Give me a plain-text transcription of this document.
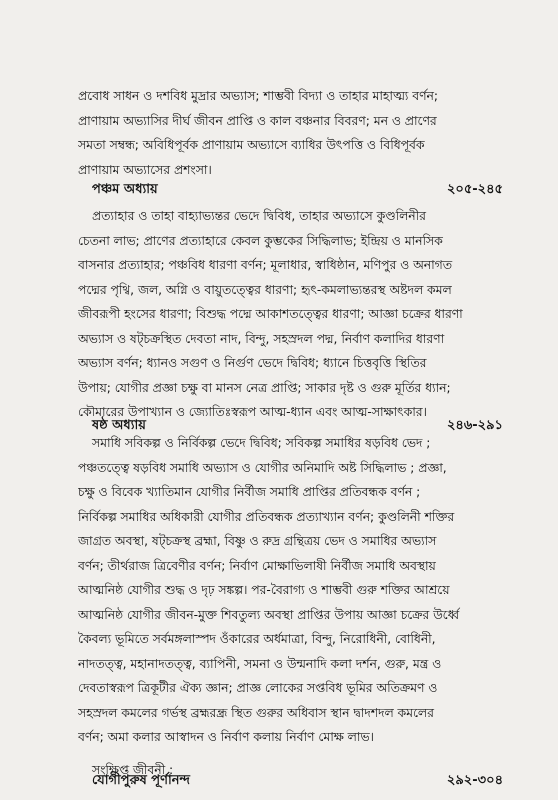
প্রবোধ সাধন ও দশবিধ মুদ্রার অভ্যাস; শাম্ভবী বিদ্যা ও তাহার মাহাত্ম্য বর্ণন;
প্রাণায়াম অভ্যাসির দীর্ঘ জীবন প্রাপ্তি ও কাল বঞ্চনার বিবরণ; মন ও প্রাণের
সমতা সম্বন্ধ; অবিধিপূর্বক প্রাণায়াম অভ্যাসে ব্যাধির উৎপত্তি ও বিধিপূর্বক
প্রাণায়াম অভ্যাসের প্রশংসা।
পঞ্চম অধ্যায়	২০৫-২৪৫
প্রত্যাহার ও তাহা বাহ্যাভ্যন্তর ভেদে দ্বিবিধ, তাহার অভ্যাসে কুণ্ডলিনীর
চেতনা লাভ; প্রাণের প্রত্যাহারে কেবল কুম্ভকের সিদ্ধিলাভ; ইন্দ্রিয় ও মানসিক
বাসনার প্রত্যাহার; পঞ্চবিধ ধারণা বর্ণন; মূলাধার, স্বাধিষ্ঠান, মণিপুর ও অনাগত
পদ্মের পৃথ্বি, জল, অগ্নি ও বায়ুতত্ত্বের ধারণা; হৃৎ-কমলাভ্যন্তরস্থ অষ্টদল কমল
জীবরূপী হংসের ধারণা; বিশুদ্ধ পদ্মে আকাশতত্ত্বের ধারণা; আজ্ঞা চক্রের ধারণা
অভ্যাস ও ষট্চক্রস্থিত দেবতা নাদ, বিন্দু, সহস্রদল পদ্ম, নির্বাণ কলাদির ধারণা
অভ্যাস বর্ণন; ধ্যানও সগুণ ও নির্গুণ ভেদে দ্বিবিধ; ধ্যানে চিত্তবৃত্তি স্থিতির
উপায়; যোগীর প্রজ্ঞা চক্ষু বা মানস নেত্র প্রাপ্তি; সাকার দৃষ্ট ও গুরু মূর্তির ধ্যান;
কৌমারের উপাখ্যান ও জ্যোতিঃস্বরূপ আত্ম-ধ্যান এবং আত্ম-সাক্ষাৎকার।
ষষ্ঠ অধ্যায়	২৪৬-২৯১
সমাধি সবিকল্প ও নির্বিকল্প ভেদে দ্বিবিধ; সবিকল্প সমাধির ষড়বিধ ভেদ ;
পঞ্চতত্ত্বে ষড়বিধ সমাধি অভ্যাস ও যোগীর অনিমাদি অষ্ট সিদ্ধিলাভ ; প্রজ্ঞা,
চক্ষু ও বিবেক খ্যাতিমান যোগীর নির্বীজ সমাধি প্রাপ্তির প্রতিবন্ধক বর্ণন ;
নির্বিকল্প সমাধির অধিকারী যোগীর প্রতিবন্ধক প্রত্যাখ্যান বর্ণন; কুণ্ডলিনী শক্তির
জাগ্রত অবস্থা, ষট্চক্রস্থ ব্রহ্মা, বিষ্ণু ও রুদ্র গ্রন্থিত্রয় ভেদ ও সমাধির অভ্যাস
বর্ণন; তীর্থরাজ ত্রিবেণীর বর্ণন; নির্বাণ মোক্ষাভিলাষী নির্বীজ সমাধি অবস্থায়
আত্মনিষ্ঠ যোগীর শুদ্ধ ও দৃঢ় সঙ্কল্প। পর-বৈরাগ্য ও শাম্ভবী গুরু শক্তির আশ্রয়ে
আত্মনিষ্ঠ যোগীর জীবন-মুক্ত শিবতুল্য অবস্থা প্রাপ্তির উপায় আজ্ঞা চক্রের উর্ধ্বে
কৈবল্য ভূমিতে সর্বমঙ্গলাস্পদ ওঁকারের অর্ধমাত্রা, বিন্দু, নিরোধিনী, বোধিনী,
নাদতত্ত্ব, মহানাদতত্ত্ব, ব্যাপিনী, সমনা ও উন্মনাদি কলা দর্শন, গুরু, মন্ত্র ও
দেবতাস্বরূপ ত্রিকূটীর ঐক্য জ্ঞান; প্রাজ্ঞ লোকের সপ্তবিধ ভূমির অতিক্রমণ ও
সহস্রদল কমলের গর্ভস্থ ব্রহ্মরন্ধ্র স্থিত গুরুর অধিবাস স্থান দ্বাদশদল কমলের
বর্ণন; অমা কলার আস্বাদন ও নির্বাণ কলায় নির্বাণ মোক্ষ লাভ।
সংক্ষিপ্ত জীবনী :
যোগীপুরুষ পূর্ণানন্দ	২৯২-৩০৪
